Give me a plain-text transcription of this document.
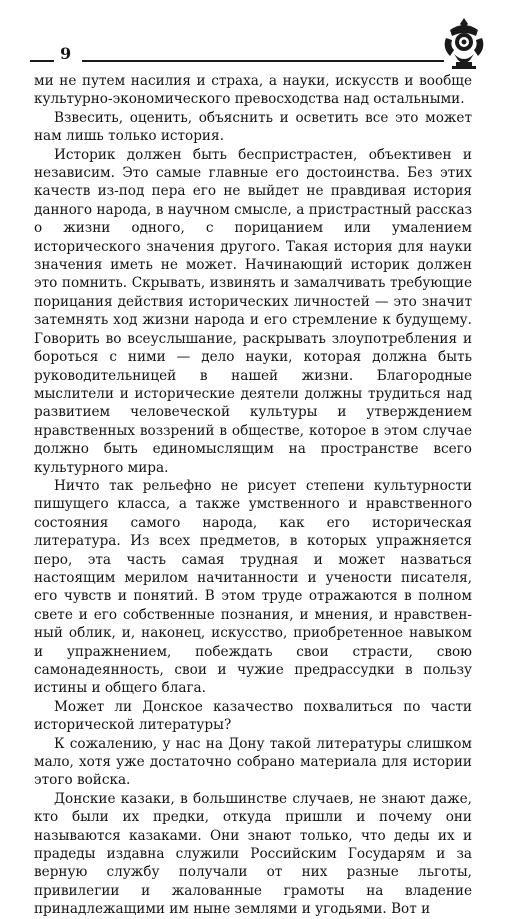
9

ми не путем насилия и страха, а науки, искусств и вообще культурно-экономического превосходства над остальными.

Взвесить, оценить, объяснить и осветить все это может нам лишь только история.

Историк должен быть беспристрастен, объективен и независим. Это самые главные его достоинства. Без этих качеств из-под пера его не выйдет не правдивая история данного народа, в научном смысле, а пристрастный рассказ о жизни одного, с порицанием или умалением исторического значения другого. Такая история для науки значения иметь не может. Начинающий историк должен это помнить. Скрывать, извинять и замалчивать требующие порицания действия исторических личностей — это значит затемнять ход жизни народа и его стремление к будущему. Говорить во всеуслышание, раскрывать злоупотребления и бороться с ними — дело науки, которая должна быть руководительницей в нашей жизни. Благородные мыслители и исторические деятели должны трудиться над развитием человеческой культуры и утверждением нравственных воззрений в обществе, которое в этом случае должно быть единомыслящим на пространстве всего культурного мира.

Ничто так рельефно не рисует степени культурности пишущего класса, а также умственного и нравственного состояния самого народа, как его историческая литература. Из всех предметов, в которых упражняется перо, эта часть самая трудная и может назваться настоящим мерилом начитанности и учености писателя, его чувств и понятий. В этом труде отражаются в полном свете и его собственные познания, и мнения, и нравственный облик, и, наконец, искусство, приобретенное навыком и упражнением, побеждать свои страсти, свою самонадеянность, свои и чужие предрассудки в пользу истины и общего блага.

Может ли Донское казачество похвалиться по части исторической литературы?

К сожалению, у нас на Дону такой литературы слишком мало, хотя уже достаточно собрано материала для истории этого войска.

Донские казаки, в большинстве случаев, не знают даже, кто были их предки, откуда пришли и почему они называются казаками. Они знают только, что деды их и прадеды издавна служили Российским Государям и за верную службу получали от них разные льготы, привилегии и жалованные грамоты на владение принадлежащими им ныне землями и угодьями. Вот и
